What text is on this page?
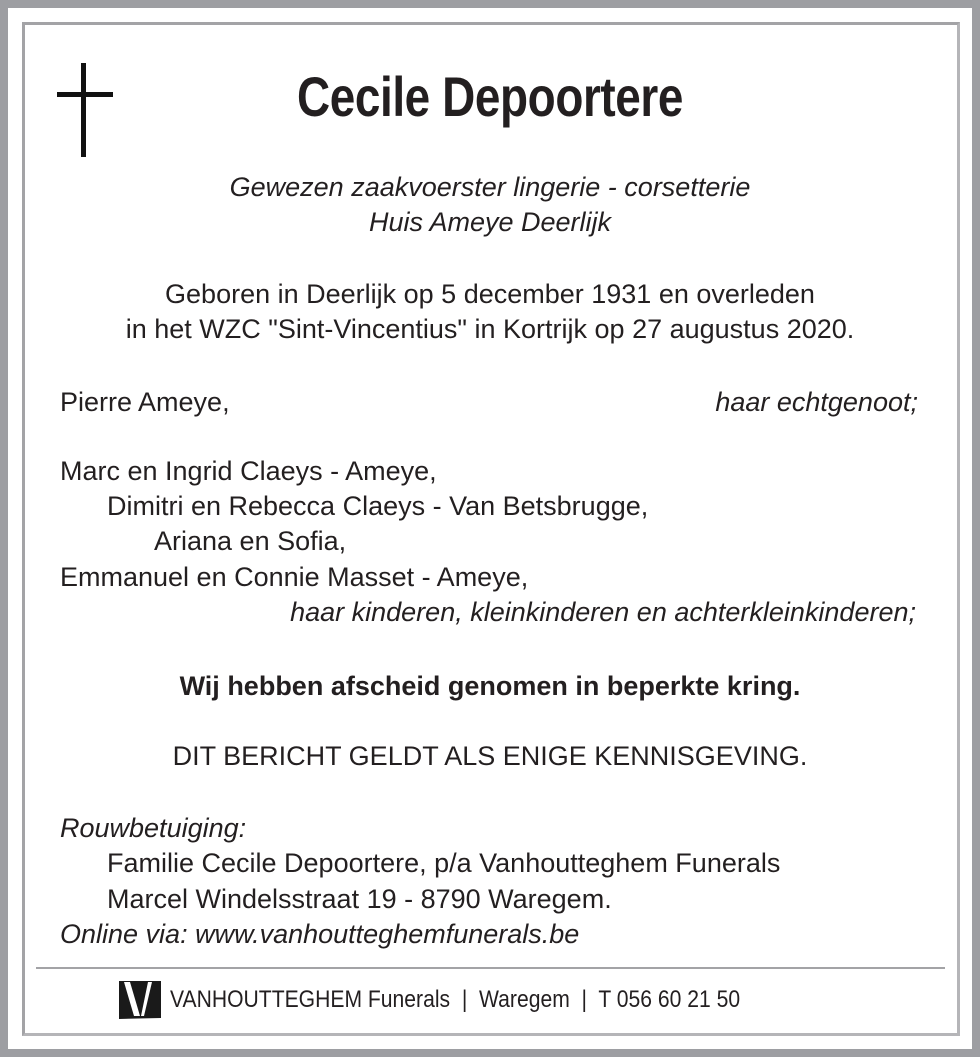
Cecile Depoortere
Gewezen zaakvoerster lingerie - corsetterie
Huis Ameye Deerlijk
Geboren in Deerlijk op 5 december 1931 en overleden
in het WZC "Sint-Vincentius" in Kortrijk op 27 augustus 2020.
Pierre Ameye,	haar echtgenoot;
Marc en Ingrid Claeys - Ameye,
Dimitri en Rebecca Claeys - Van Betsbrugge,
Ariana en Sofia,
Emmanuel en Connie Masset - Ameye,
haar kinderen, kleinkinderen en achterkleinkinderen;
Wij hebben afscheid genomen in beperkte kring.
DIT BERICHT GELDT ALS ENIGE KENNISGEVING.
Rouwbetuiging:
Familie Cecile Depoortere, p/a Vanhoutteghem Funerals
Marcel Windelsstraat 19 - 8790 Waregem.
Online via: www.vanhoutteghemfunerals.be
VANHOUTTEGHEM Funerals  |  Waregem  |  T 056 60 21 50
